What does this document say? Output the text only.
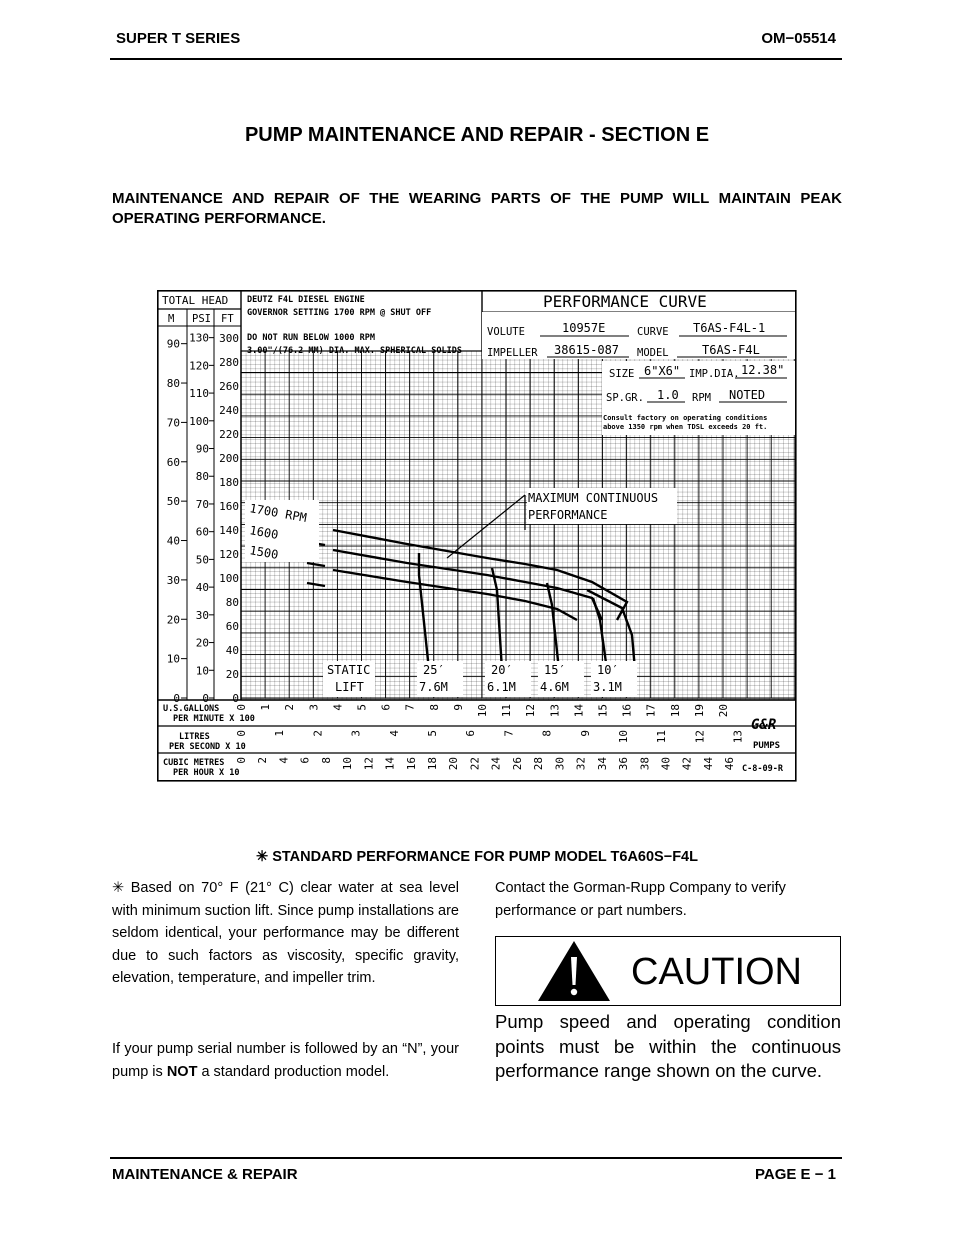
SUPER T SERIES	OM−05514
PUMP MAINTENANCE AND REPAIR - SECTION E
MAINTENANCE AND REPAIR OF THE WEARING PARTS OF THE PUMP WILL MAINTAIN PEAK OPERATING PERFORMANCE.
TOTAL HEAD
M PSI FT
DEUTZ F4L DIESEL ENGINE
GOVERNOR SETTING 1700 RPM @ SHUT OFF
DO NOT RUN BELOW 1000 RPM
3.00"/(76.2 MM) DIA. MAX. SPHERICAL SOLIDS
PERFORMANCE CURVE
VOLUTE	10957E	CURVE T6AS-F4L-1
IMPELLER 38615-087 MODEL	T6AS-F4L
SIZE 6"X6" IMP.DIA. 12.38"
SP.GR. 1.0 RPM NOTED
Consult factory on operating conditions
above 1350 rpm when TDSL exceeds 20 ft.
300
280
260
240
220
200
180
160
140
120
100
80
60
40
20
0
130
120
110
100
90
80
70
60
50
40
30
20
10
0
90
80
70
60
50
40
30
20
10
0
MAXIMUM CONTINUOUS
PERFORMANCE
1700 RPM
1600
1500
STATIC
LIFT
25′
7.6M
20′
6.1M
15′
4.6M
10′
3.1M
U.S.GALLONS
PER MINUTE X 100
LITRES
PER SECOND X 10
CUBIC METRES
PER HOUR X 10
0 1 2 3 4 5 6 7 8 9 10 11 12 13 14 15 16 17 18 19 20
0 1 2 3 4 5 6 7 8 9 10 11 12 13
0 2 4 6 8 10 12 14 16 18 20 22 24 26 28 30 32 34 36 38 40 42 44 46
G&R
PUMPS
C-8-09-R
✳ STANDARD PERFORMANCE FOR PUMP MODEL T6A60S−F4L
✳ Based on 70° F (21° C) clear water at sea level with minimum suction lift. Since pump installations are seldom identical, your performance may be different due to such factors as viscosity, specific gravity, elevation, temperature, and impeller trim.
If your pump serial number is followed by an “N”, your pump is NOT a standard production model.
Contact the Gorman-Rupp Company to verify performance or part numbers.
CAUTION
Pump speed and operating condition points must be within the continuous performance range shown on the curve.
MAINTENANCE & REPAIR	PAGE E − 1
